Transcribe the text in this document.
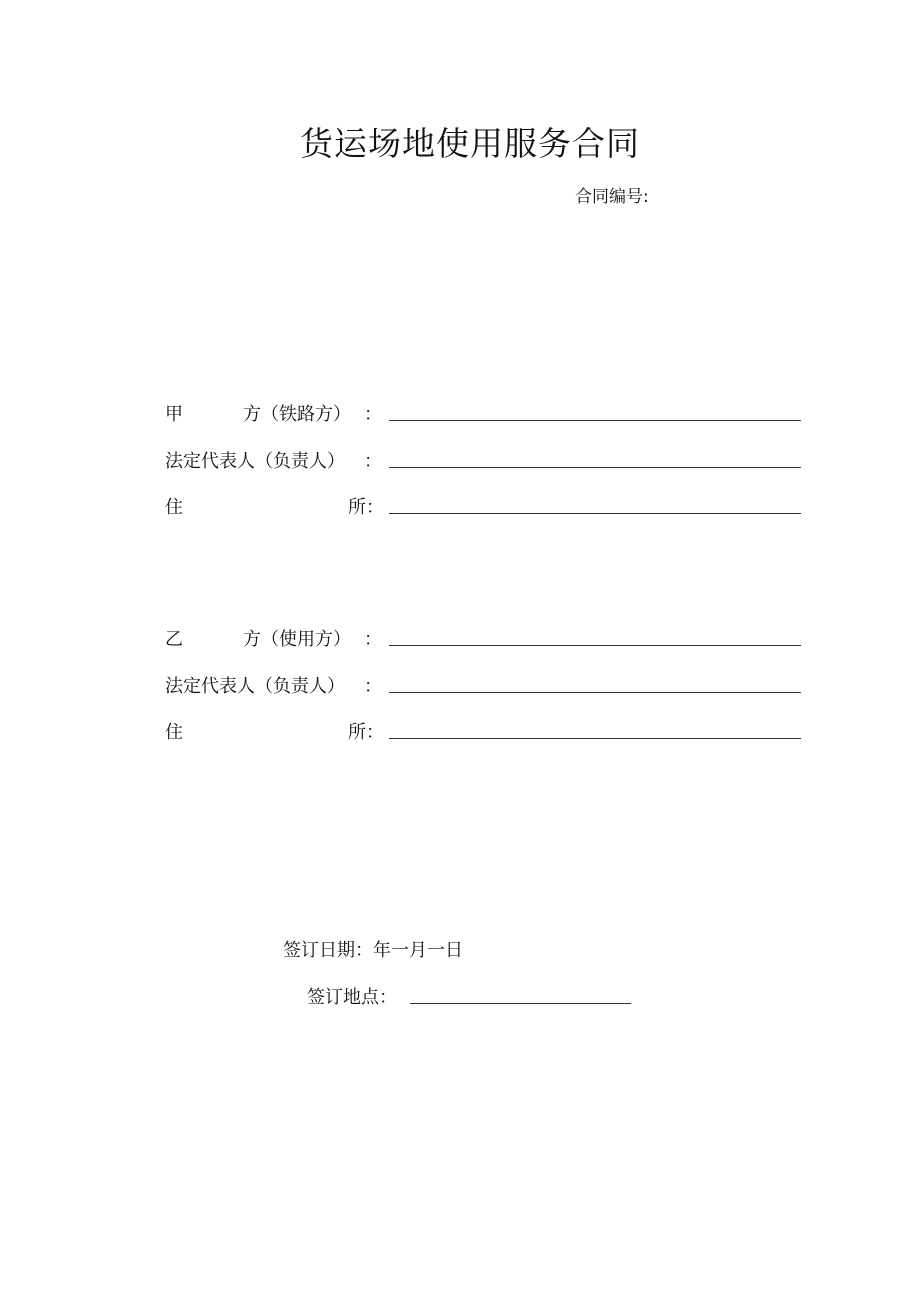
货运场地使用服务合同
合同编号:
甲	方（铁路方） ：
法定代表人（负责人） ：
住	所 ：
乙	方（使用方） ：
法定代表人（负责人） ：
住	所 ：
签订日期：年一月一日
签订地点：
